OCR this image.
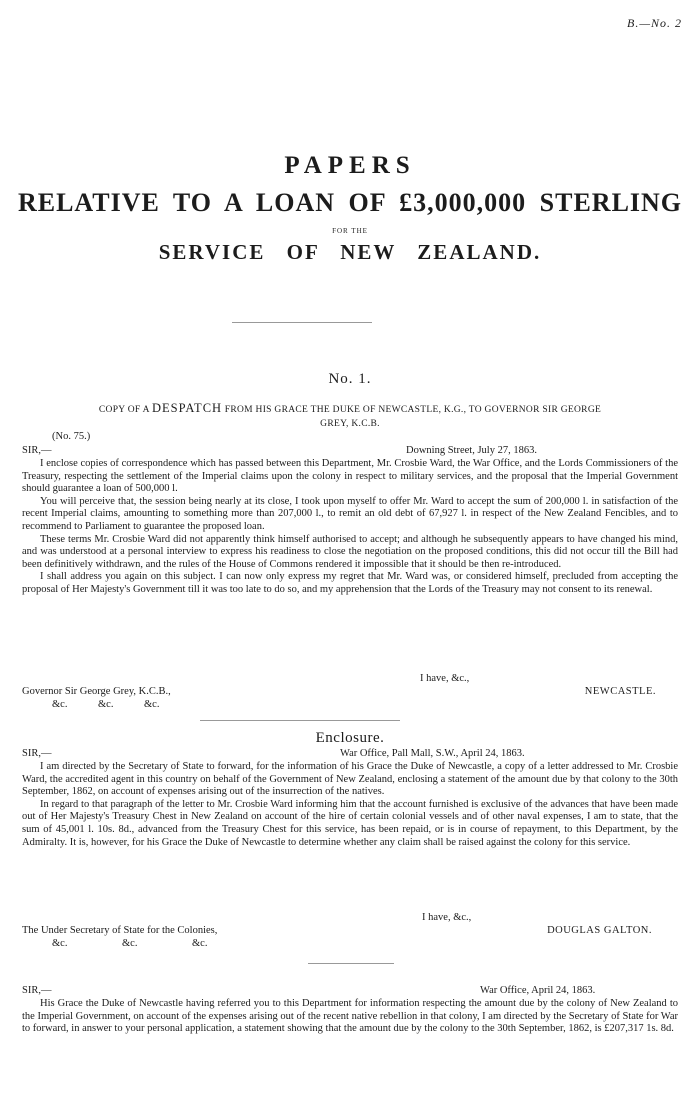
B.—No. 2
PAPERS
RELATIVE TO A LOAN OF £3,000,000 STERLING
FOR THE
SERVICE OF NEW ZEALAND.
No. 1.
COPY OF A DESPATCH FROM HIS GRACE THE DUKE OF NEWCASTLE, K.G., TO GOVERNOR SIR GEORGE
GREY, K.C.B.
(No. 75.)
SIR,—	Downing Street, July 27, 1863.

I enclose copies of correspondence which has passed between this Department, Mr. Crosbie Ward, the War Office, and the Lords Commissioners of the Treasury, respecting the settlement of the Imperial claims upon the colony in respect to military services, and the proposal that the Imperial Government should guarantee a loan of 500,000 l.

You will perceive that, the session being nearly at its close, I took upon myself to offer Mr. Ward to accept the sum of 200,000 l. in satisfaction of the recent Imperial claims, amounting to something more than 207,000 l., to remit an old debt of 67,927 l. in respect of the New Zealand Fencibles, and to recommend to Parliament to guarantee the proposed loan.

These terms Mr. Crosbie Ward did not apparently think himself authorised to accept; and although he subsequently appears to have changed his mind, and was understood at a personal interview to express his readiness to close the negotiation on the proposed conditions, this did not occur till the Bill had been definitively withdrawn, and the rules of the House of Commons rendered it impossible that it should be then re-introduced.

I shall address you again on this subject. I can now only express my regret that Mr. Ward was, or considered himself, precluded from accepting the proposal of Her Majesty's Government till it was too late to do so, and my apprehension that the Lords of the Treasury may not consent to its renewal.

I have, &c.,
Governor Sir George Grey, K.C.B.,	NEWCASTLE.
&c.	&c.	&c.
Enclosure.
SIR,—	War Office, Pall Mall, S.W., April 24, 1863.

I am directed by the Secretary of State to forward, for the information of his Grace the Duke of Newcastle, a copy of a letter addressed to Mr. Crosbie Ward, the accredited agent in this country on behalf of the Government of New Zealand, enclosing a statement of the amount due by that colony to the 30th September, 1862, on account of expenses arising out of the insurrection of the natives.

In regard to that paragraph of the letter to Mr. Crosbie Ward informing him that the account furnished is exclusive of the advances that have been made out of Her Majesty's Treasury Chest in New Zealand on account of the hire of certain colonial vessels and of other naval expenses, I am to state, that the sum of 45,001 l. 10s. 8d., advanced from the Treasury Chest for this service, has been repaid, or is in course of repayment, to this Department, by the Admiralty. It is, however, for his Grace the Duke of Newcastle to determine whether any claim shall be raised against the colony for this service.

I have, &c.,
The Under Secretary of State for the Colonies,	DOUGLAS GALTON.
&c.	&c.	&c.
SIR,—	War Office, April 24, 1863.

His Grace the Duke of Newcastle having referred you to this Department for information respecting the amount due by the colony of New Zealand to the Imperial Government, on account of the expenses arising out of the recent native rebellion in that colony, I am directed by the Secretary of State for War to forward, in answer to your personal application, a statement showing that the amount due by the colony to the 30th September, 1862, is £207,317 1s. 8d.
